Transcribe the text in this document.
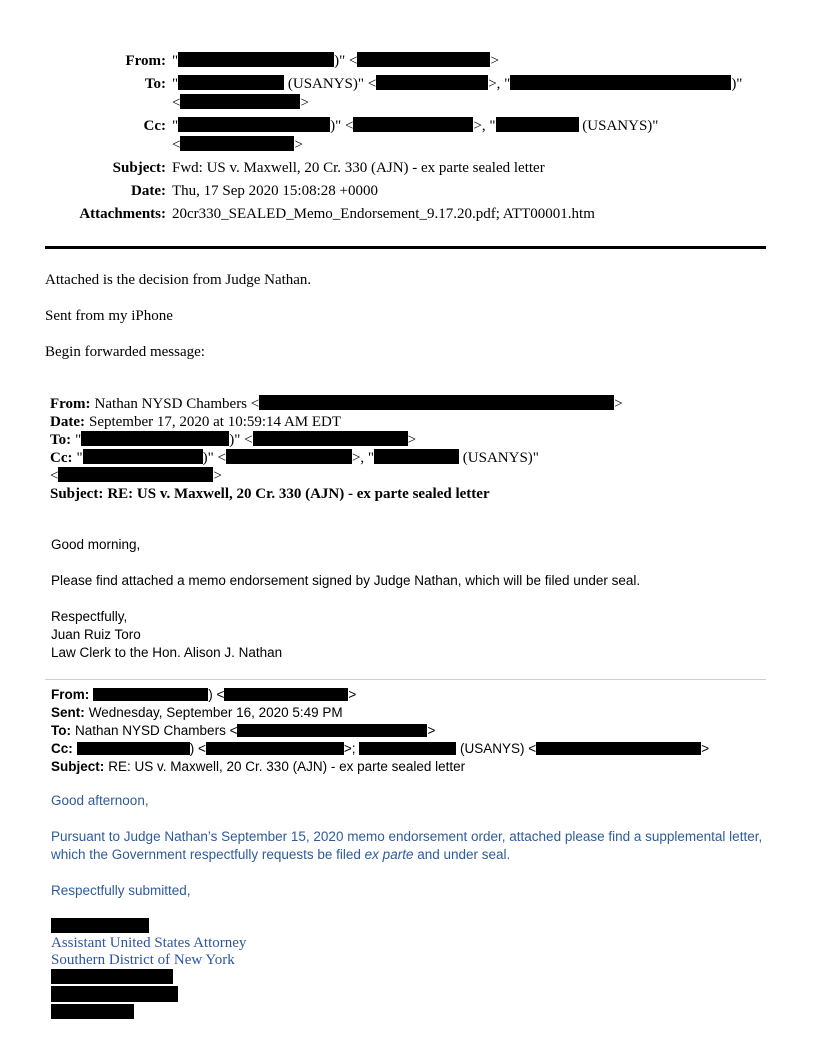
From: "	)" <	>
To: "	(USANYS)" <	>, "	)"
<	>
Cc: "	)" <	>, "	(USANYS)"
<	>
Subject: Fwd: US v. Maxwell, 20 Cr. 330 (AJN) - ex parte sealed letter
Date: Thu, 17 Sep 2020 15:08:28 +0000
Attachments: 20cr330_SEALED_Memo_Endorsement_9.17.20.pdf; ATT00001.htm

Attached is the decision from Judge Nathan.

Sent from my iPhone

Begin forwarded message:

From: Nathan NYSD Chambers <	>
Date: September 17, 2020 at 10:59:14 AM EDT
To: "	)" <	>
Cc: "	)" <	>, "	(USANYS)"
<	>
Subject: RE: US v. Maxwell, 20 Cr. 330 (AJN) - ex parte sealed letter

Good morning,

Please find attached a memo endorsement signed by Judge Nathan, which will be filed under seal.

Respectfully,
Juan Ruiz Toro
Law Clerk to the Hon. Alison J. Nathan
From:	) <	>
Sent: Wednesday, September 16, 2020 5:49 PM
To: Nathan NYSD Chambers <	>
Cc:	) <	>;	(USANYS) <	>
Subject: RE: US v. Maxwell, 20 Cr. 330 (AJN) - ex parte sealed letter

Good afternoon,

Pursuant to Judge Nathan’s September 15, 2020 memo endorsement order, attached please find a supplemental letter, which the Government respectfully requests be filed ex parte and under seal.

Respectfully submitted,

Assistant United States Attorney
Southern District of New York
